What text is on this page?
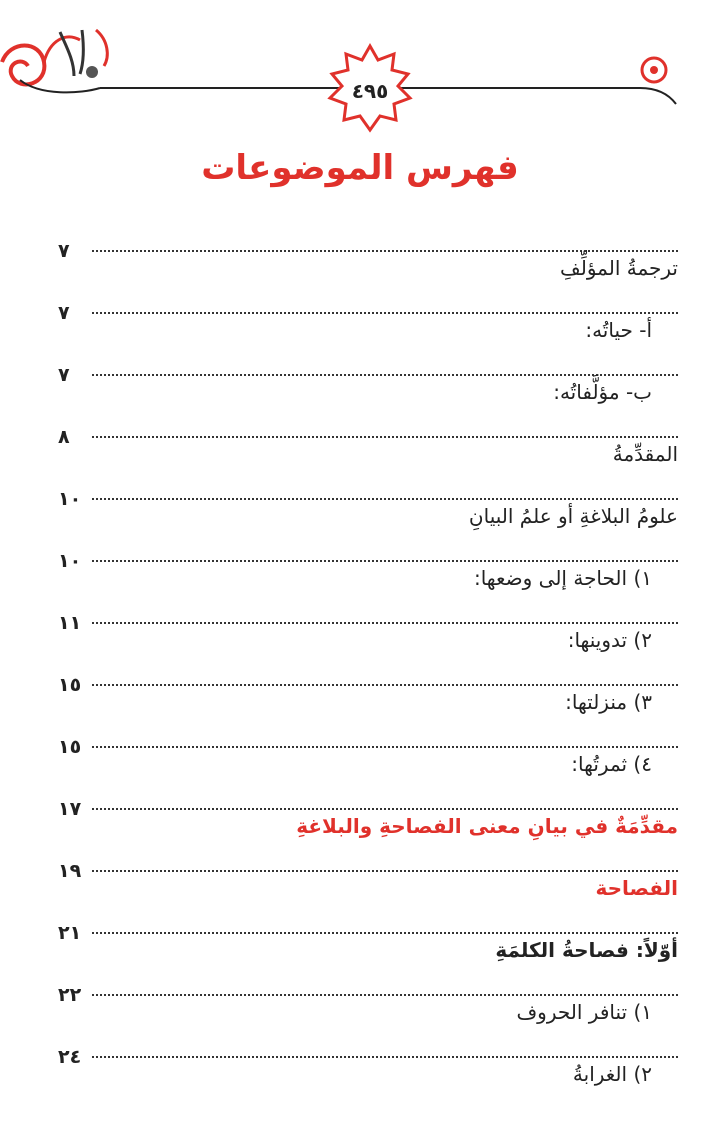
٤٩٥
فهرس الموضوعات
٧
ترجمةُ المؤلِّفِ
٧
أ- حياتُه:
٧
ب- مؤلَّفاتُه:
٨
المقدِّمةُ
١٠
علومُ البلاغةِ أو علمُ البيانِ
١٠
١) الحاجة إلى وضعها:
١١
٢) تدوينها:
١٥
٣) منزلتها:
١٥
٤) ثمرتُها:
١٧
مقدِّمَةٌ في بيانِ معنى الفصاحةِ والبلاغةِ
١٩
الفصاحة
٢١
أوّلاً: فصاحةُ الكلمَةِ
٢٢
١) تنافر الحروف
٢٤
٢) الغرابةُ
